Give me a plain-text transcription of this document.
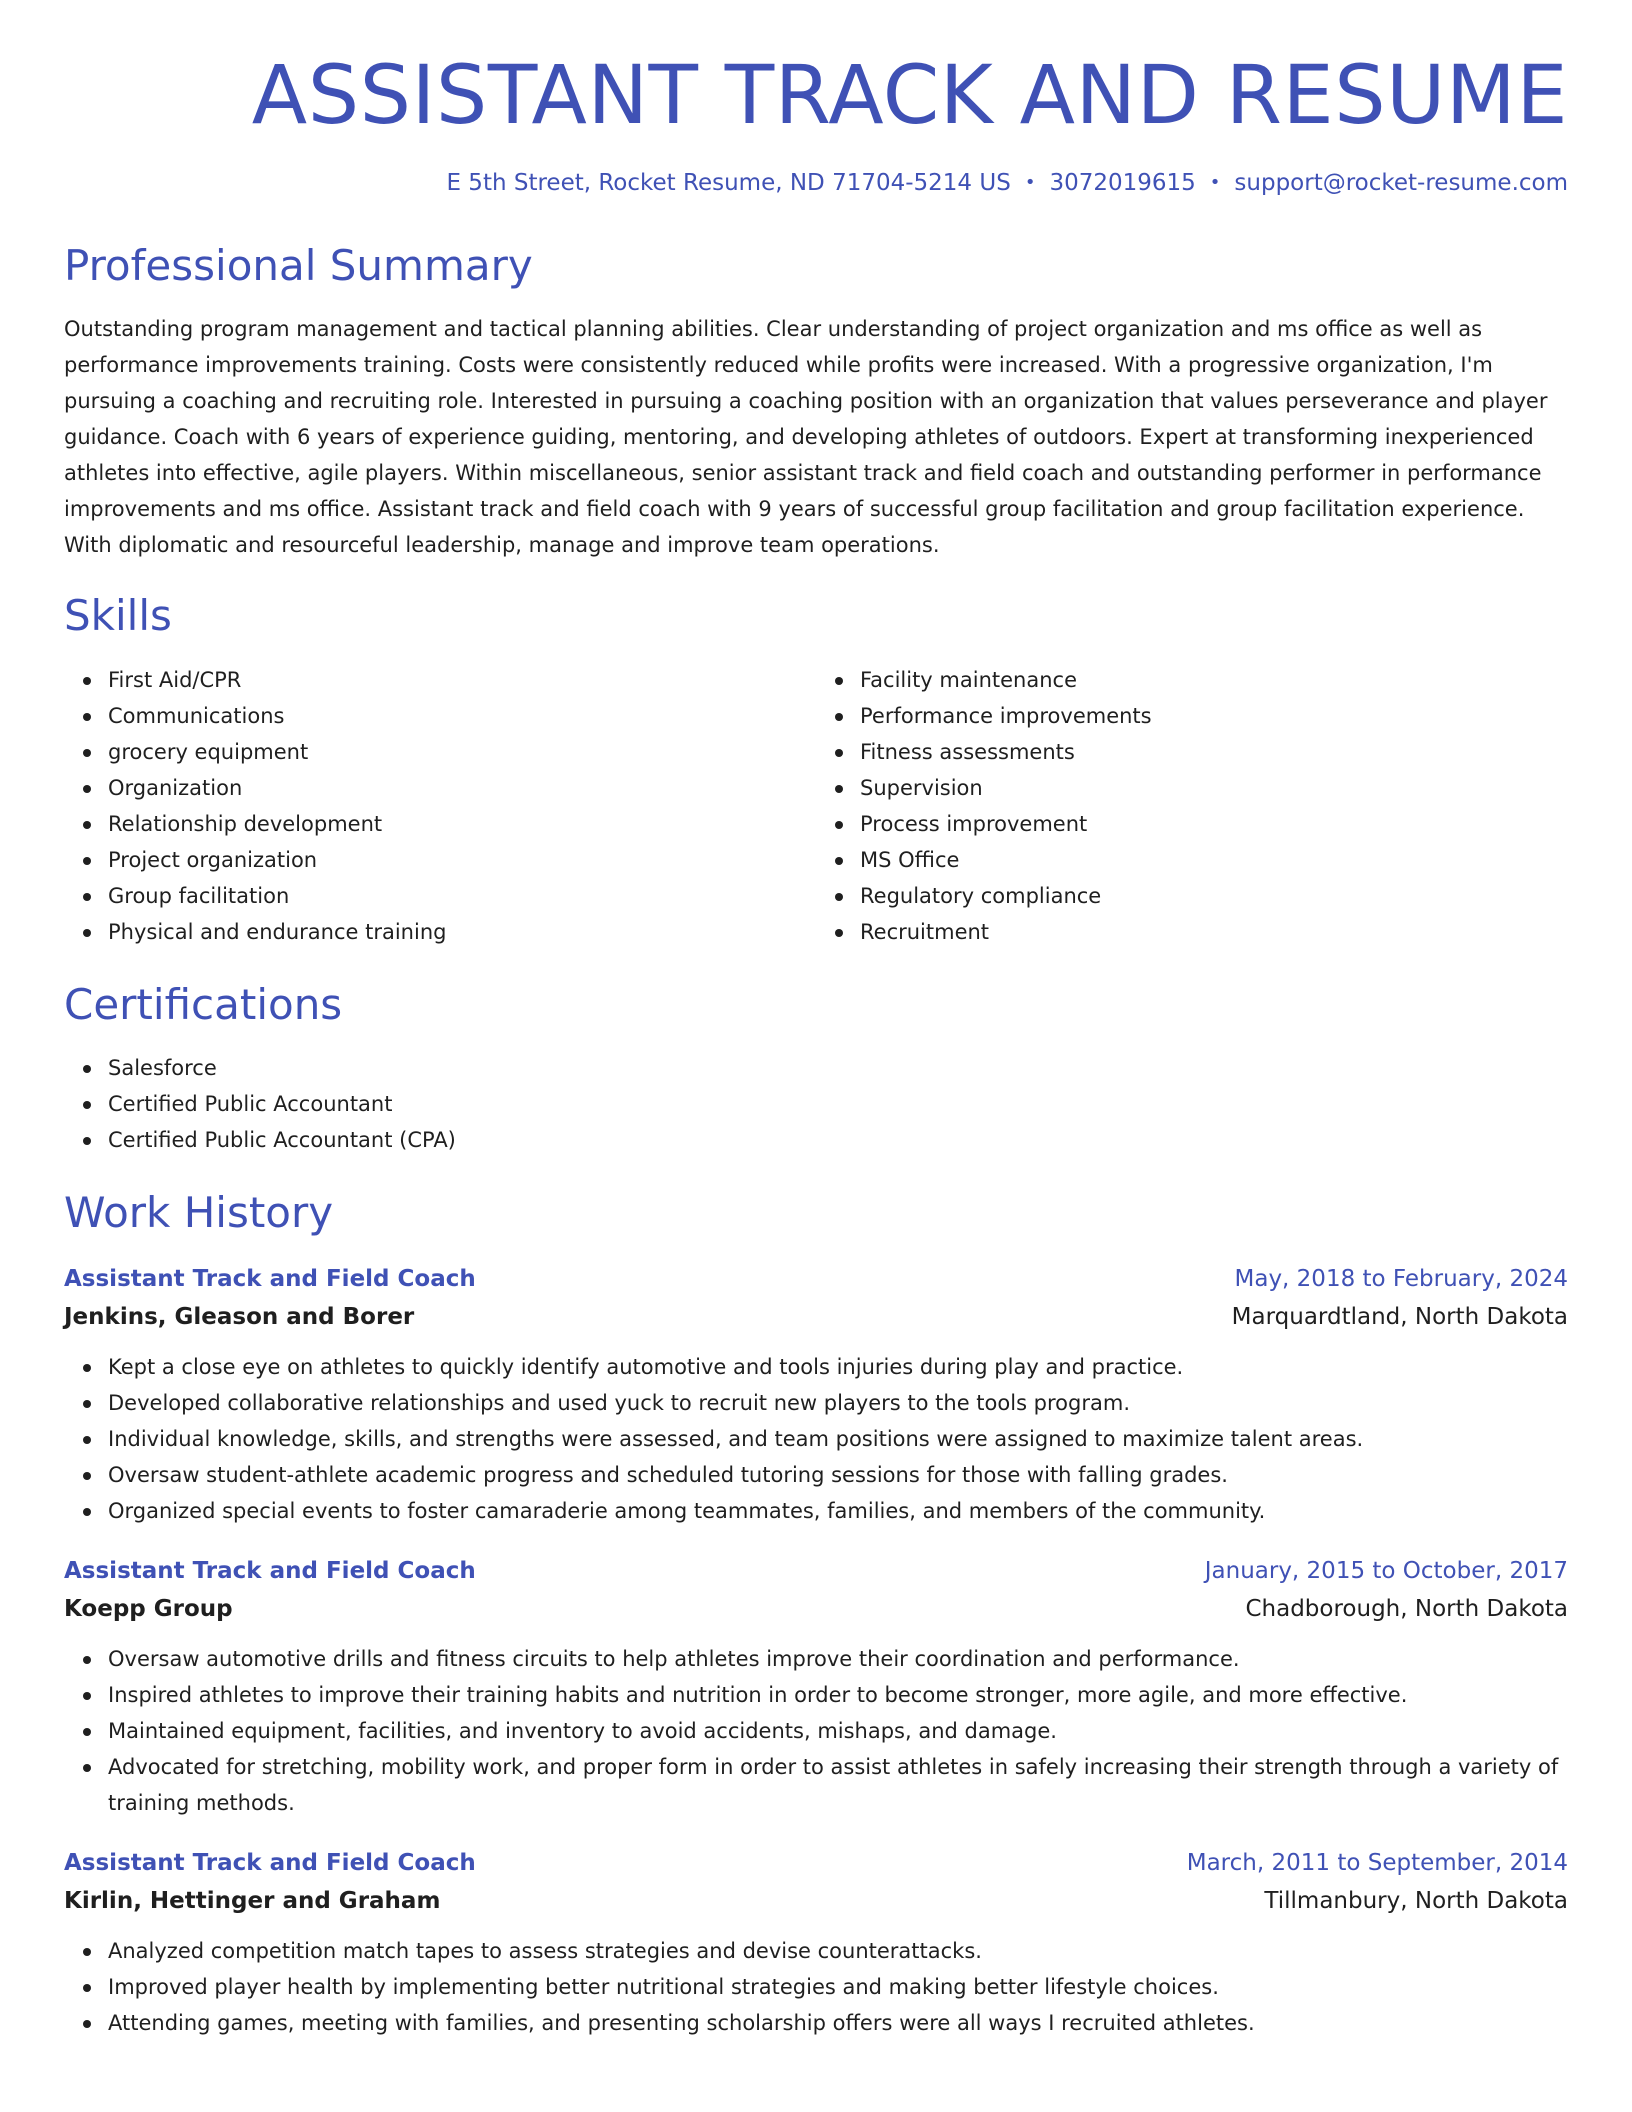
ASSISTANT TRACK AND RESUME
E 5th Street, Rocket Resume, ND 71704-5214 US • 3072019615 • support@rocket-resume.com
Professional Summary

Outstanding program management and tactical planning abilities. Clear understanding of project organization and ms office as well as performance improvements training. Costs were consistently reduced while profits were increased. With a progressive organization, I'm pursuing a coaching and recruiting role. Interested in pursuing a coaching position with an organization that values perseverance and player guidance. Coach with 6 years of experience guiding, mentoring, and developing athletes of outdoors. Expert at transforming inexperienced athletes into effective, agile players. Within miscellaneous, senior assistant track and field coach and outstanding performer in performance improvements and ms office. Assistant track and field coach with 9 years of successful group facilitation and group facilitation experience. With diplomatic and resourceful leadership, manage and improve team operations.

Skills
First Aid/CPR
Communications
grocery equipment
Organization
Relationship development
Project organization
Group facilitation
Physical and endurance training
Facility maintenance
Performance improvements
Fitness assessments
Supervision
Process improvement
MS Office
Regulatory compliance
Recruitment
Certifications
Salesforce
Certified Public Accountant
Certified Public Accountant (CPA)
Work History
Assistant Track and Field Coach	May, 2018 to February, 2024
Jenkins, Gleason and Borer	Marquardtland, North Dakota
Kept a close eye on athletes to quickly identify automotive and tools injuries during play and practice.
Developed collaborative relationships and used yuck to recruit new players to the tools program.
Individual knowledge, skills, and strengths were assessed, and team positions were assigned to maximize talent areas.
Oversaw student-athlete academic progress and scheduled tutoring sessions for those with falling grades.
Organized special events to foster camaraderie among teammates, families, and members of the community.
Assistant Track and Field Coach	January, 2015 to October, 2017
Koepp Group	Chadborough, North Dakota
Oversaw automotive drills and fitness circuits to help athletes improve their coordination and performance.
Inspired athletes to improve their training habits and nutrition in order to become stronger, more agile, and more effective.
Maintained equipment, facilities, and inventory to avoid accidents, mishaps, and damage.
Advocated for stretching, mobility work, and proper form in order to assist athletes in safely increasing their strength through a variety of training methods.
Assistant Track and Field Coach	March, 2011 to September, 2014
Kirlin, Hettinger and Graham	Tillmanbury, North Dakota
Analyzed competition match tapes to assess strategies and devise counterattacks.
Improved player health by implementing better nutritional strategies and making better lifestyle choices.
Attending games, meeting with families, and presenting scholarship offers were all ways I recruited athletes.
